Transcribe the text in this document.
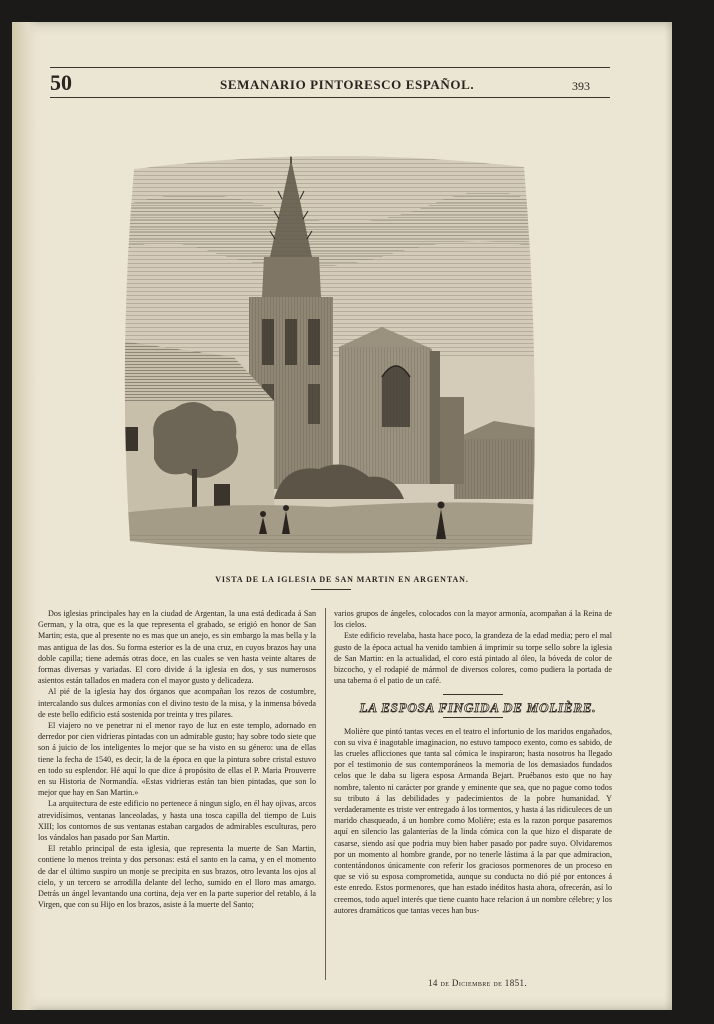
50	SEMANARIO PINTORESCO ESPAÑOL.	393
VISTA DE LA IGLESIA DE SAN MARTIN EN ARGENTAN.

Dos iglesias principales hay en la ciudad de Argentan, la una está dedicada á San German, y la otra, que es la que representa el grabado, se erigió en honor de San Martin; esta, que al presente no es mas que un anejo, es sin embargo la mas bella y la mas antigua de las dos. Su forma esterior es la de una cruz, en cuyos brazos hay una doble capilla; tiene además otras doce, en las cuales se ven hasta veinte altares de formas diversas y variadas. El coro divide á la iglesia en dos, y sus numerosos asientos están tallados en madera con el mayor gusto y delicadeza.

Al pié de la iglesia hay dos órganos que acompañan los rezos de costumbre, intercalando sus dulces armonías con el divino testo de la misa, y la inmensa bóveda de este bello edificio está sostenida por treinta y tres pilares.

El viajero no ve penetrar ni el menor rayo de luz en este templo, adornado en derredor por cien vidrieras pintadas con un admirable gusto; hay sobre todo siete que son á juicio de los inteligentes lo mejor que se ha visto en su género: una de ellas tiene la fecha de 1540, es decir, la de la época en que la pintura sobre cristal estuvo en todo su esplendor. Hé aquí lo que dice á propósito de ellas el P. Maria Prouverre en su Historia de Normandía. «Estas vidrieras están tan bien pintadas, que son lo mejor que hay en San Martin.»

La arquitectura de este edificio no pertenece á ningun siglo, en él hay ojivas, arcos atrevidísimos, ventanas lanceoladas, y hasta una tosca capilla del tiempo de Luis XIII; los contornos de sus ventanas estaban cargados de admirables esculturas, pero los vándalos han pasado por San Martin.

El retablo principal de esta iglesia, que representa la muerte de San Martin, contiene lo menos treinta y dos personas: está el santo en la cama, y en el momento de dar el último suspiro un monje se precipita en sus brazos, otro levanta los ojos al cielo, y un tercero se arrodilla delante del lecho, sumido en el lloro mas amargo. Detrás un ángel levantando una cortina, deja ver en la parte superior del retablo, á la Virgen, que con su Hijo en los brazos, asiste á la muerte del Santo;

varios grupos de ángeles, colocados con la mayor armonía, acompañan á la Reina de los cielos.

Este edificio revelaba, hasta hace poco, la grandeza de la edad media; pero el mal gusto de la época actual ha venido tambien á imprimir su torpe sello sobre la iglesia de San Martin: en la actualidad, el coro está pintado al óleo, la bóveda de color de bizcocho, y el rodapié de mármol de diversos colores, como pudiera la portada de una taberna ó el patio de un café.

LA ESPOSA FINGIDA DE MOLIÈRE.

Molière que pintó tantas veces en el teatro el infortunio de los maridos engañados, con su viva é inagotable imaginacion, no estuvo tampoco exento, como es sabido, de las crueles aflicciones que tanta sal cómica le inspiraron; hasta nosotros ha llegado por el testimonio de sus contemporáneos la memoria de los demasiados fundados celos que le daba su ligera esposa Armanda Bejart. Pruébanos esto que no hay nombre, talento ni carácter por grande y eminente que sea, que no pague como todos su tributo á las debilidades y padecimientos de la pobre humanidad. Y verdaderamente es triste ver entregado á los tormentos, y hasta á las ridiculeces de un marido chasqueado, á un hombre como Molière; esta es la razon porque pasaremos aquí en silencio las galanterías de la linda cómica con la que hizo el disparate de casarse, siendo así que podria muy bien haber pasado por padre suyo. Olvidaremos por un momento al hombre grande, por no tenerle lástima á la par que admiracion, contentándonos únicamente con referir los graciosos pormenores de un proceso en que se vió su esposa comprometida, aunque su conducta no dió pié por entonces á este enredo. Estos pormenores, que han estado inéditos hasta ahora, ofrecerán, así lo creemos, todo aquel interés que tiene cuanto hace relacion á un nombre célebre; y los autores dramáticos que tantas veces han bus-

14 de Diciembre de 1851.
